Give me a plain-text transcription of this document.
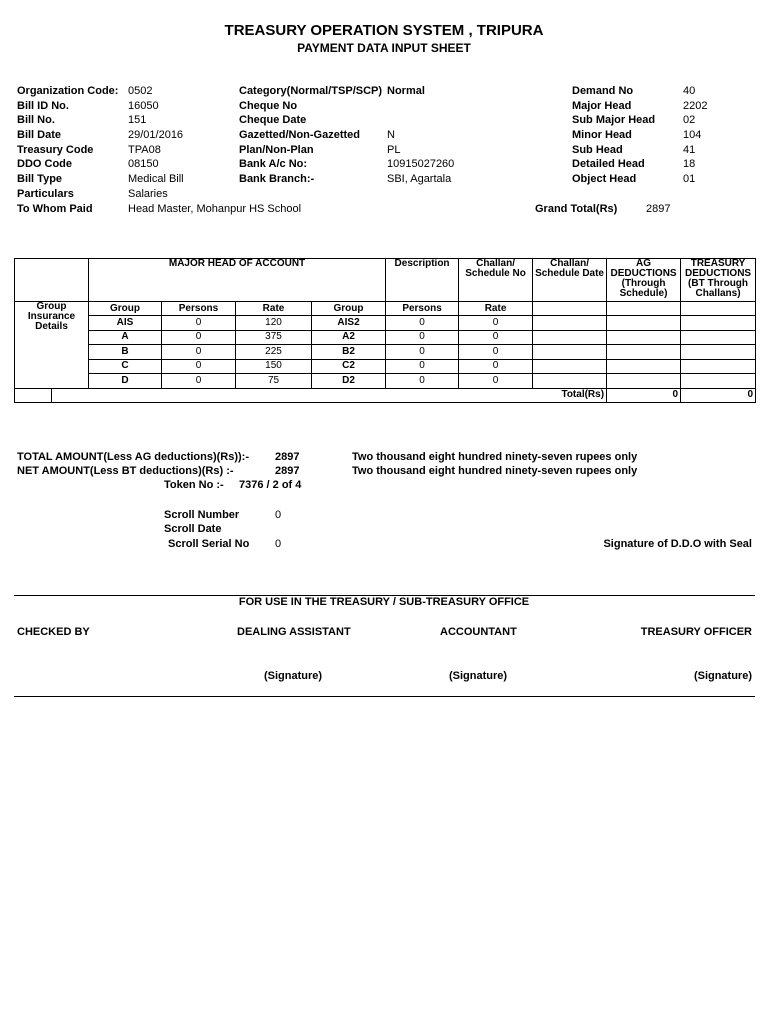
TREASURY OPERATION SYSTEM , TRIPURA
PAYMENT DATA INPUT SHEET
Organization Code: 0502
Bill ID No.	16050
Bill No.	151
Bill Date	29/01/2016
Treasury Code	TPA08
DDO Code	08150
Bill Type	Medical Bill
Particulars	Salaries
To Whom Paid	Head Master, Mohanpur HS School
Category(Normal/TSP/SCP) Normal
Cheque No
Cheque Date
Gazetted/Non-Gazetted N
Plan/Non-Plan	PL
Bank A/c No:	10915027260
Bank Branch:-	SBI, Agartala
Demand No	40
Major Head	2202
Sub Major Head	02
Minor Head	104
Sub Head	41
Detailed Head	18
Object Head	01
Grand Total(Rs)	2897
		MAJOR HEAD OF ACCOUNT				Description	Challan/ Schedule No	Challan/ Schedule Date	AG DEDUCTIONS (Through Schedule)	TREASURY DEDUCTIONS (BT Through Challans)
Group Insurance Details		Group	Persons	Rate	Group	Persons	Rate			
		AIS	0	120	AIS2	0	0			
		A	0	375	A2	0	0			
		B	0	225	B2	0	0			
		C	0	150	C2	0	0			
		D	0	75	D2	0	0			
	Total(Rs)								0	0
TOTAL AMOUNT(Less AG deductions)(Rs)):- 2897	Two thousand eight hundred ninety-seven rupees only
NET AMOUNT(Less BT deductions)(Rs) :-	2897	Two thousand eight hundred ninety-seven rupees only
Token No :- 7376 / 2 of 4
Scroll Number	0
Scroll Date
Scroll Serial No 0	Signature of D.D.O with Seal
FOR USE IN THE TREASURY / SUB-TREASURY OFFICE
CHECKED BY	DEALING ASSISTANT	ACCOUNTANT	TREASURY OFFICER
(Signature)	(Signature)	(Signature)
